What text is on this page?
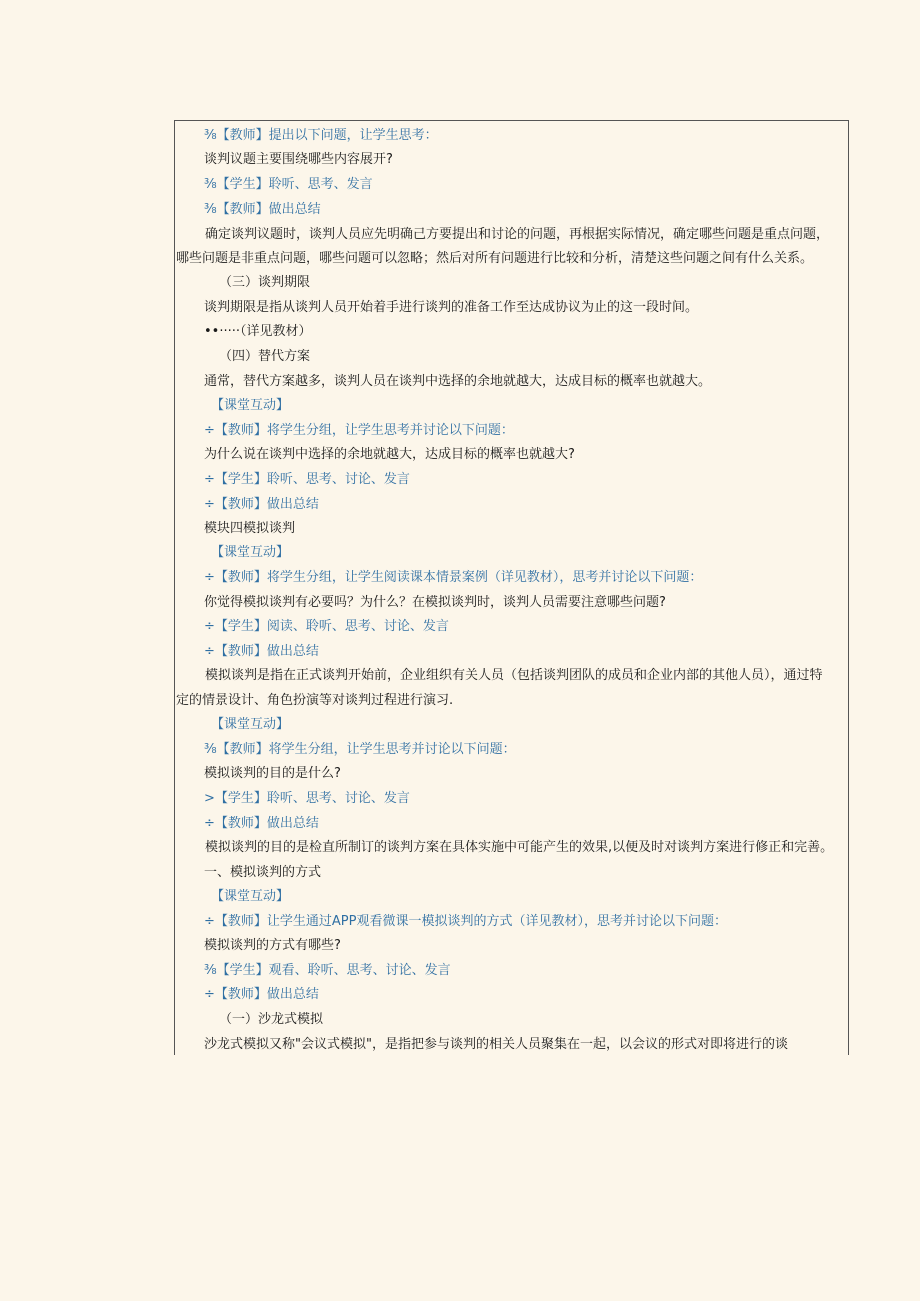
⅜【教师】提出以下问题，让学生思考：
谈判议题主要围绕哪些内容展开?
⅜【学生】聆听、思考、发言
⅜【教师】做出总结
确定谈判议题时，谈判人员应先明确己方要提出和讨论的问题，再根据实际情况，确定哪些问题是重点问题，
哪些问题是非重点问题，哪些问题可以忽略；然后对所有问题进行比较和分析，清楚这些问题之间有什么关系。
（三）谈判期限
谈判期限是指从谈判人员开始着手进行谈判的准备工作至达成协议为止的这一段时间。
••·····（详见教材）
（四）替代方案
通常，替代方案越多，谈判人员在谈判中选择的余地就越大，达成目标的概率也就越大。
【课堂互动】
÷【教师】将学生分组，让学生思考并讨论以下问题：
为什么说在谈判中选择的余地就越大，达成目标的概率也就越大?
÷【学生】聆听、思考、讨论、发言
÷【教师】做出总结
模块四模拟谈判
【课堂互动】
÷【教师】将学生分组，让学生阅读课本情景案例（详见教材），思考并讨论以下问题：
你觉得模拟谈判有必要吗？为什么？在模拟谈判时，谈判人员需要注意哪些问题?
÷【学生】阅读、聆听、思考、讨论、发言
÷【教师】做出总结
模拟谈判是指在正式谈判开始前，企业组织有关人员（包括谈判团队的成员和企业内部的其他人员），通过特
定的情景设计、角色扮演等对谈判过程进行演习.
【课堂互动】
⅜【教师】将学生分组，让学生思考并讨论以下问题：
模拟谈判的目的是什么?
>【学生】聆听、思考、讨论、发言
÷【教师】做出总结
模拟谈判的目的是检直所制订的谈判方案在具体实施中可能产生的效果,以便及时对谈判方案进行修正和完善。
一、模拟谈判的方式
【课堂互动】
÷【教师】让学生通过APP观看微课一模拟谈判的方式（详见教材），思考并讨论以下问题：
模拟谈判的方式有哪些?
⅜【学生】观看、聆听、思考、讨论、发言
÷【教师】做出总结
（一）沙龙式模拟
沙龙式模拟又称"会议式模拟"，是指把参与谈判的相关人员聚集在一起，以会议的形式对即将进行的谈
